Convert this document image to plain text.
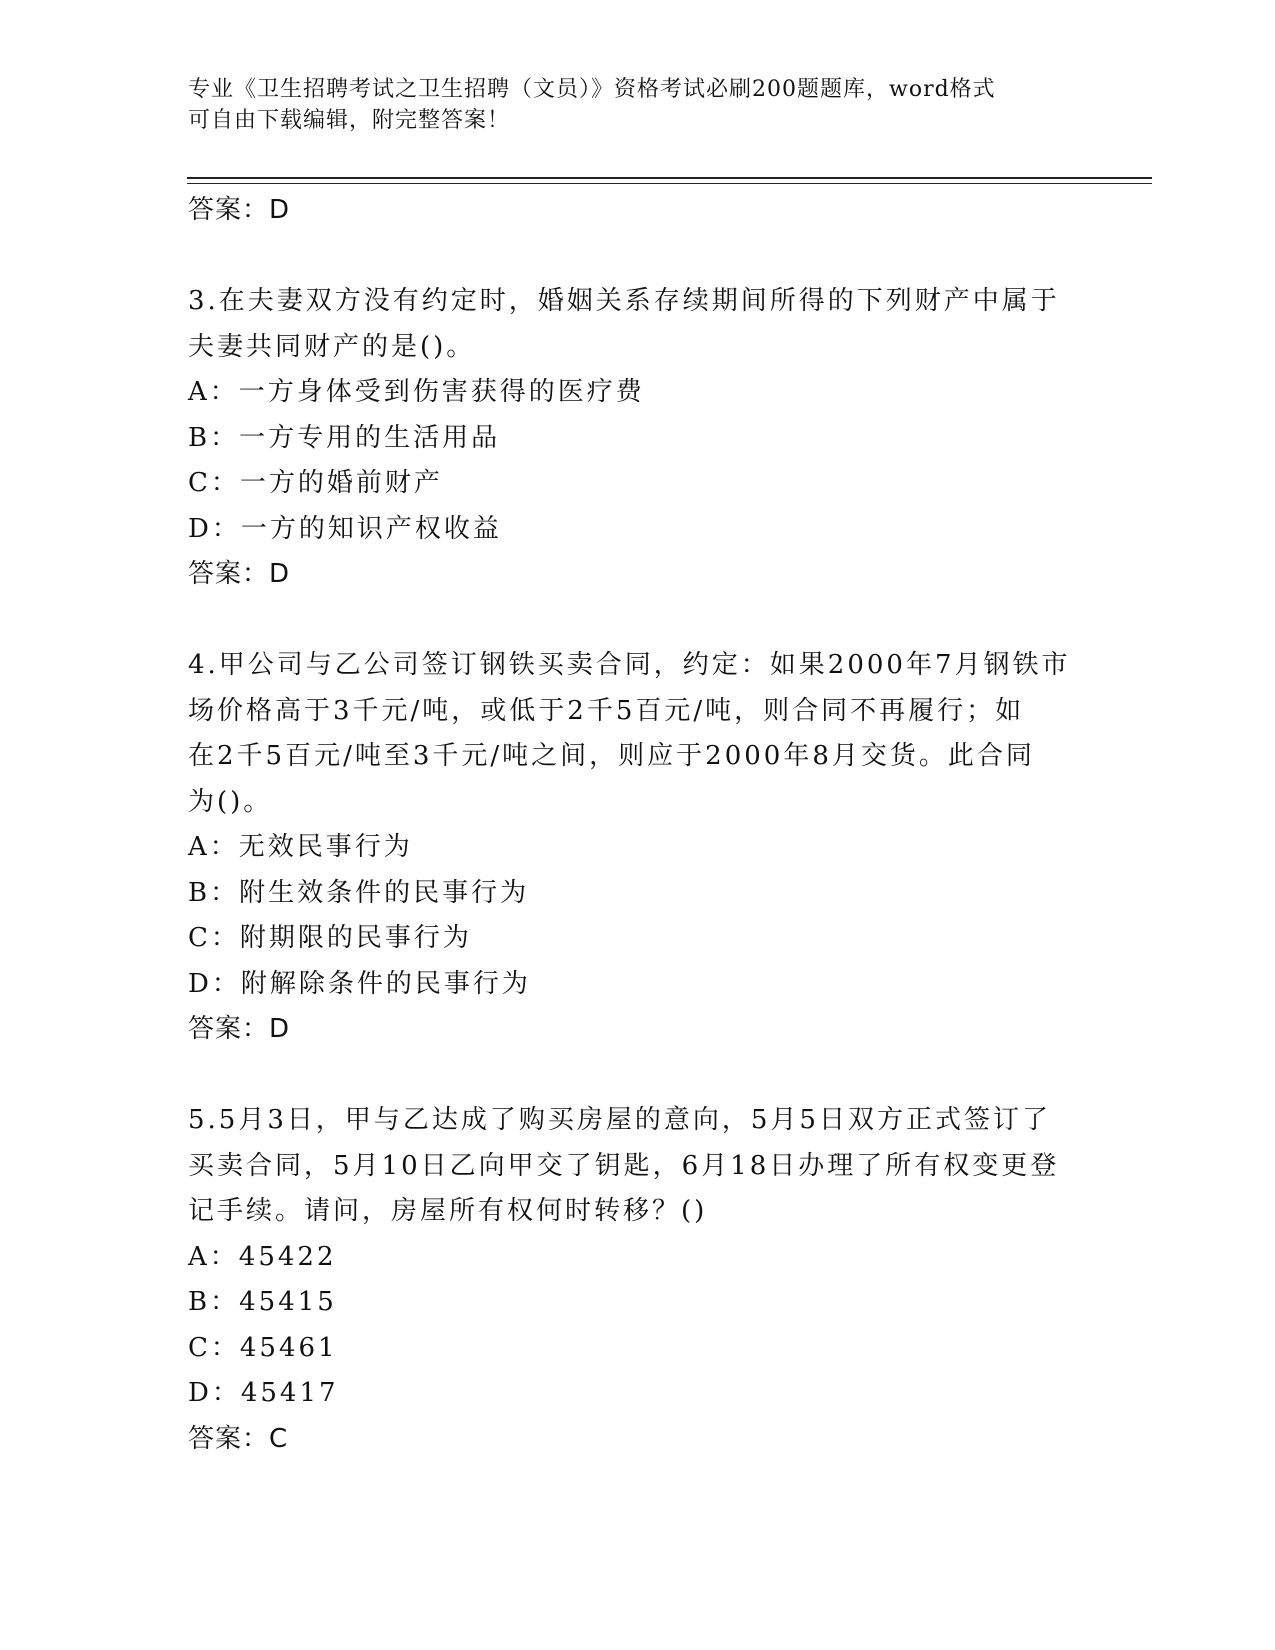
专业《卫生招聘考试之卫生招聘（文员）》资格考试必刷200题题库，word格式
可自由下载编辑，附完整答案！
答案：D
3.在夫妻双方没有约定时，婚姻关系存续期间所得的下列财产中属于
夫妻共同财产的是()。
A：一方身体受到伤害获得的医疗费
B：一方专用的生活用品
C：一方的婚前财产
D：一方的知识产权收益
答案：D
4.甲公司与乙公司签订钢铁买卖合同，约定：如果2000年7月钢铁市
场价格高于3千元/吨，或低于2千5百元/吨，则合同不再履行；如
在2千5百元/吨至3千元/吨之间，则应于2000年8月交货。此合同
为()。
A：无效民事行为
B：附生效条件的民事行为
C：附期限的民事行为
D：附解除条件的民事行为
答案：D
5.5月3日，甲与乙达成了购买房屋的意向，5月5日双方正式签订了
买卖合同，5月10日乙向甲交了钥匙，6月18日办理了所有权变更登
记手续。请问，房屋所有权何时转移？()
A：45422
B：45415
C：45461
D：45417
答案：C
